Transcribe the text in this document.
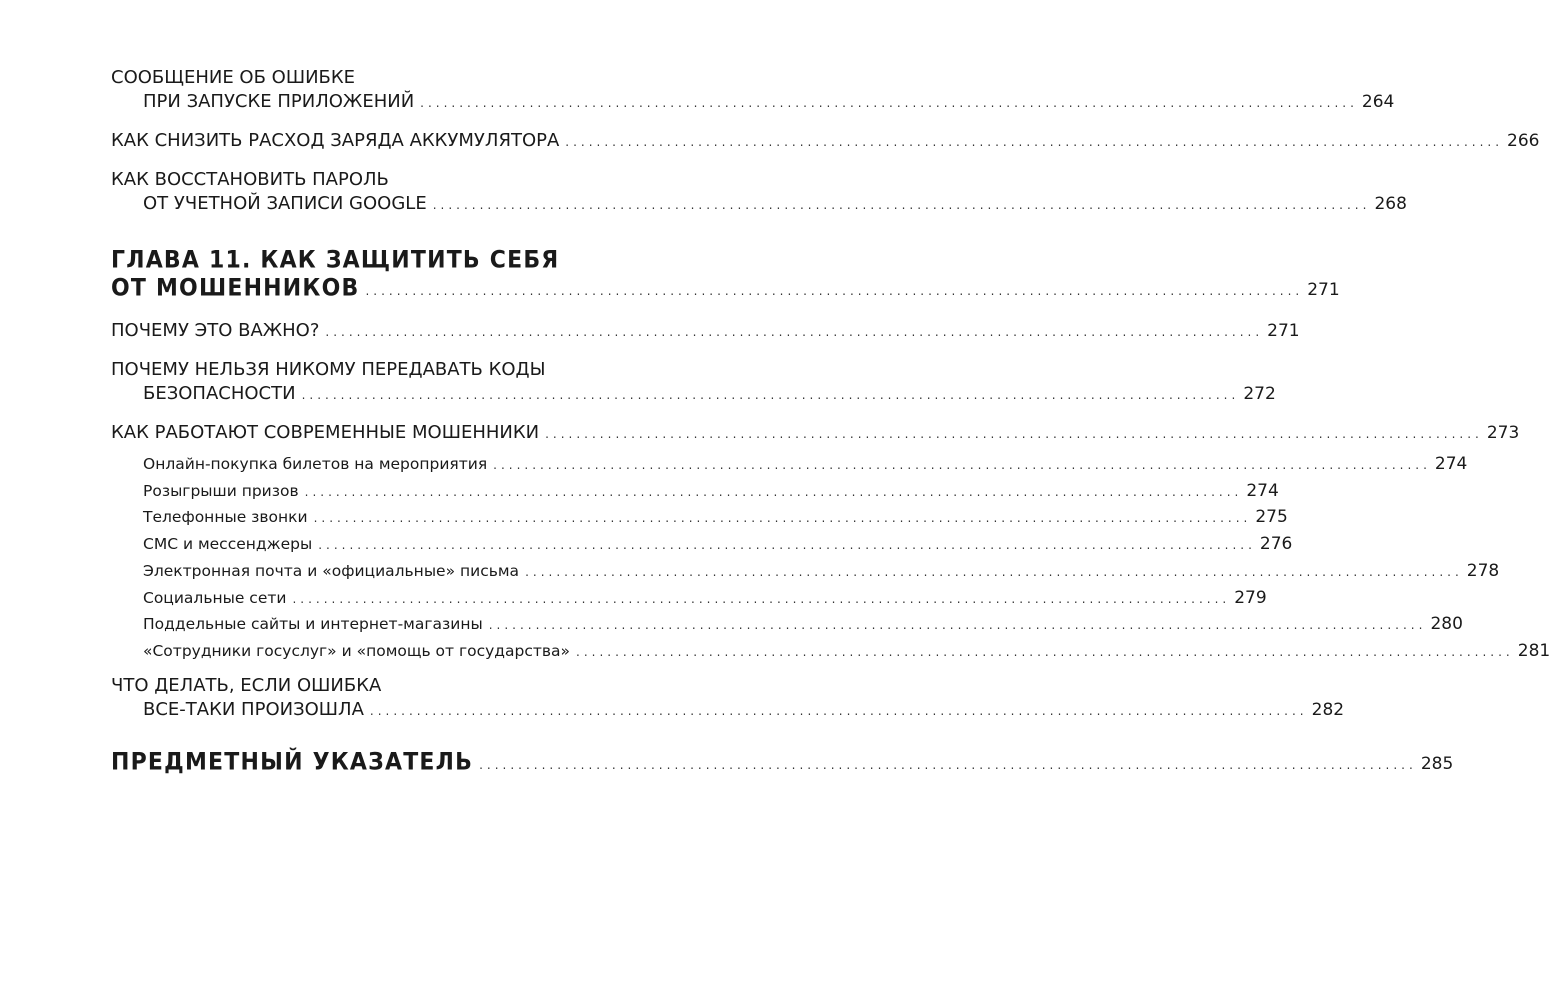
СООБЩЕНИЕ ОБ ОШИБКЕ
ПРИ ЗАПУСКЕ ПРИЛОЖЕНИЙ ........................................................................................................................ 264
КАК СНИЗИТЬ РАСХОД ЗАРЯДА АККУМУЛЯТОРА ........................................................................................................................ 266
КАК ВОССТАНОВИТЬ ПАРОЛЬ
ОТ УЧЕТНОЙ ЗАПИСИ GOOGLE ........................................................................................................................ 268
ГЛАВА 11. КАК ЗАЩИТИТЬ СЕБЯ
ОТ МОШЕННИКОВ ........................................................................................................................ 271
ПОЧЕМУ ЭТО ВАЖНО? ........................................................................................................................ 271
ПОЧЕМУ НЕЛЬЗЯ НИКОМУ ПЕРЕДАВАТЬ КОДЫ
БЕЗОПАСНОСТИ ........................................................................................................................ 272
КАК РАБОТАЮТ СОВРЕМЕННЫЕ МОШЕННИКИ ........................................................................................................................ 273
Онлайн-покупка билетов на мероприятия ........................................................................................................................ 274
Розыгрыши призов ........................................................................................................................ 274
Телефонные звонки ........................................................................................................................ 275
СМС и мессенджеры ........................................................................................................................ 276
Электронная почта и «официальные» письма ........................................................................................................................ 278
Социальные сети ........................................................................................................................ 279
Поддельные сайты и интернет-магазины ........................................................................................................................ 280
«Сотрудники госуслуг» и «помощь от государства» ........................................................................................................................ 281
ЧТО ДЕЛАТЬ, ЕСЛИ ОШИБКА
ВСЕ-ТАКИ ПРОИЗОШЛА ........................................................................................................................ 282
ПРЕДМЕТНЫЙ УКАЗАТЕЛЬ ........................................................................................................................ 285
